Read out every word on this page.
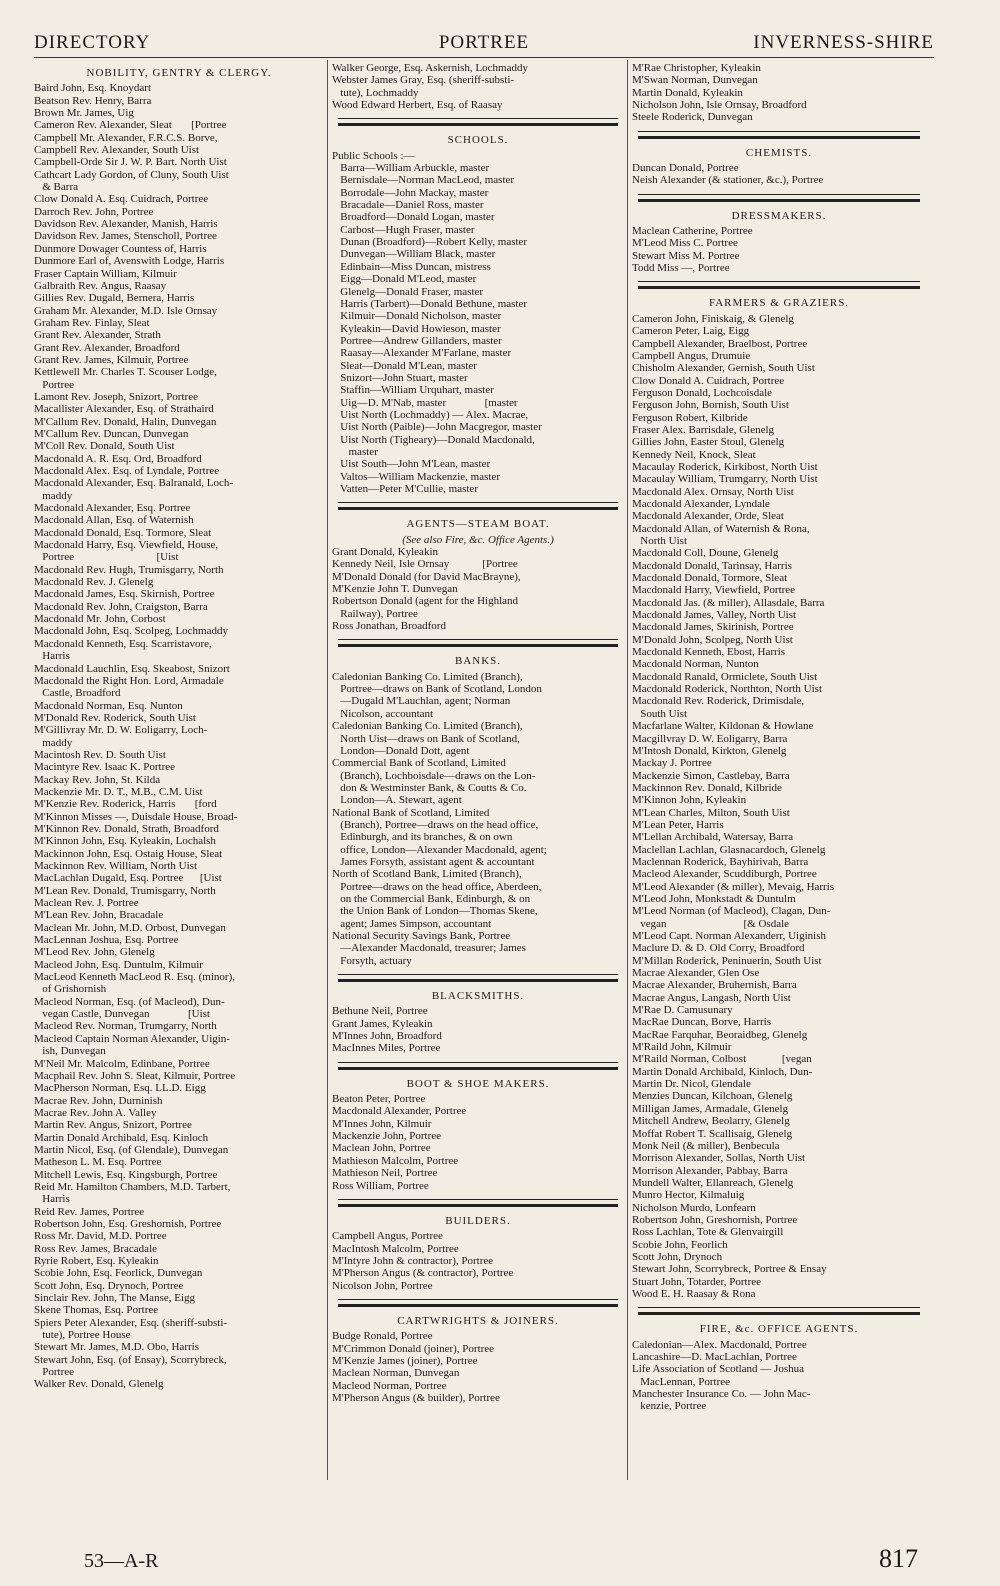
DIRECTORY	PORTREE	INVERNESS-SHIRE
NOBILITY, GENTRY & CLERGY.
Baird John, Esq. Knoydart
Beatson Rev. Henry, Barra
Brown Mr. James, Uig
Cameron Rev. Alexander, Sleat       [Portree
Campbell Mr. Alexander, F.R.C.S. Borve,
Campbell Rev. Alexander, South Uist
Campbell-Orde Sir J. W. P. Bart. North Uist
Cathcart Lady Gordon, of Cluny, South Uist
& Barra
Clow Donald A. Esq. Cuidrach, Portree
Darroch Rev. John, Portree
Davidson Rev. Alexander, Manish, Harris
Davidson Rev. James, Stenscholl, Portree
Dunmore Dowager Countess of, Harris
Dunmore Earl of, Avenswith Lodge, Harris
Fraser Captain William, Kilmuir
Galbraith Rev. Angus, Raasay
Gillies Rev. Dugald, Bernera, Harris
Graham Mr. Alexander, M.D. Isle Ornsay
Graham Rev. Finlay, Sleat
Grant Rev. Alexander, Strath
Grant Rev. Alexander, Broadford
Grant Rev. James, Kilmuir, Portree
Kettlewell Mr. Charles T. Scouser Lodge,
Portree
Lamont Rev. Joseph, Snizort, Portree
Macallister Alexander, Esq. of Strathaird
M'Callum Rev. Donald, Halin, Dunvegan
M'Callum Rev. Duncan, Dunvegan
M'Coll Rev. Donald, South Uist
Macdonald A. R. Esq. Ord, Broadford
Macdonald Alex. Esq. of Lyndale, Portree
Macdonald Alexander, Esq. Balranald, Loch-
maddy
Macdonald Alexander, Esq. Portree
Macdonald Allan, Esq. of Waternish
Macdonald Donald, Esq. Tormore, Sleat
Macdonald Harry, Esq. Viewfield, House,
Portree                              [Uist
Macdonald Rev. Hugh, Trumisgarry, North
Macdonald Rev. J. Glenelg
Macdonald James, Esq. Skirnish, Portree
Macdonald Rev. John, Craigston, Barra
Macdonald Mr. John, Corbost
Macdonald John, Esq. Scolpeg, Lochmaddy
Macdonald Kenneth, Esq. Scarristavore,
Harris
Macdonald Lauchlin, Esq. Skeabost, Snizort
Macdonald the Right Hon. Lord, Armadale
Castle, Broadford
Macdonald Norman, Esq. Nunton
M'Donald Rev. Roderick, South Uist
M'Gillivray Mr. D. W. Eoligarry, Loch-
maddy
Macintosh Rev. D. South Uist
Macintyre Rev. Isaac K. Portree
Mackay Rev. John, St. Kilda
Mackenzie Mr. D. T., M.B., C.M. Uist
M'Kenzie Rev. Roderick, Harris       [ford
M'Kinnon Misses —, Duisdale House, Broad-
M'Kinnon Rev. Donald, Strath, Broadford
M'Kinnon John, Esq. Kyleakin, Lochalsh
Mackinnon John, Esq. Ostaig House, Sleat
Mackinnon Rev. William, North Uist
MacLachlan Dugald, Esq. Portree      [Uist
M'Lean Rev. Donald, Trumisgarry, North
Maclean Rev. J. Portree
M'Lean Rev. John, Bracadale
Maclean Mr. John, M.D. Orbost, Dunvegan
MacLennan Joshua, Esq. Portree
M'Leod Rev. John, Glenelg
Macleod John, Esq. Duntulm, Kilmuir
MacLeod Kenneth MacLeod R. Esq. (minor),
of Grishornish
Macleod Norman, Esq. (of Macleod), Dun-
vegan Castle, Dunvegan              [Uist
Macleod Rev. Norman, Trumgarry, North
Macleod Captain Norman Alexander, Uigin-
ish, Dunvegan
M'Neil Mr. Malcolm, Edinbane, Portree
Macphail Rev. John S. Sleat, Kilmuir, Portree
MacPherson Norman, Esq. LL.D. Eigg
Macrae Rev. John, Durninish
Macrae Rev. John A. Valley
Martin Rev. Angus, Snizort, Portree
Martin Donald Archibald, Esq. Kinloch
Martin Nicol, Esq. (of Glendale), Dunvegan
Matheson L. M. Esq. Portree
Mitchell Lewis, Esq. Kingsburgh, Portree
Reid Mr. Hamilton Chambers, M.D. Tarbert,
Harris
Reid Rev. James, Portree
Robertson John, Esq. Greshornish, Portree
Ross Mr. David, M.D. Portree
Ross Rev. James, Bracadale
Ryrie Robert, Esq. Kyleakin
Scobie John, Esq. Feorlick, Dunvegan
Scott John, Esq. Drynoch, Portree
Sinclair Rev. John, The Manse, Eigg
Skene Thomas, Esq. Portree
Spiers Peter Alexander, Esq. (sheriff-substi-
tute), Portree House
Stewart Mr. James, M.D. Obo, Harris
Stewart John, Esq. (of Ensay), Scorrybreck,
Portree
Walker Rev. Donald, Glenelg
Walker George, Esq. Askernish, Lochmaddy
Webster James Gray, Esq. (sheriff-substi-
tute), Lochmaddy
Wood Edward Herbert, Esq. of Raasay
SCHOOLS.
Public Schools :—
Barra—William Arbuckle, master
Bernisdale—Norman MacLeod, master
Borrodale—John Mackay, master
Bracadale—Daniel Ross, master
Broadford—Donald Logan, master
Carbost—Hugh Fraser, master
Dunan (Broadford)—Robert Kelly, master
Dunvegan—William Black, master
Edinbain—Miss Duncan, mistress
Eigg—Donald M'Leod, master
Glenelg—Donald Fraser, master
Harris (Tarbert)—Donald Bethune, master
Kilmuir—Donald Nicholson, master
Kyleakin—David Howieson, master
Portree—Andrew Gillanders, master
Raasay—Alexander M'Farlane, master
Sleat—Donald M'Lean, master
Snizort—John Stuart, master
Staffin—William Urquhart, master
Uig—D. M'Nab, master              [master
Uist North (Lochmaddy) — Alex. Macrae,
Uist North (Paible)—John Macgregor, master
Uist North (Tigheary)—Donald Macdonald,
master
Uist South—John M'Lean, master
Valtos—William Mackenzie, master
Vatten—Peter M'Cullie, master
AGENTS—STEAM BOAT.
(See also Fire, &c. Office Agents.)
Grant Donald, Kyleakin
Kennedy Neil, Isle Ornsay            [Portree
M'Donald Donald (for David MacBrayne),
M'Kenzie John T. Dunvegan
Robertson Donald (agent for the Highland
Railway), Portree
Ross Jonathan, Broadford
BANKS.
Caledonian Banking Co. Limited (Branch),
Portree—draws on Bank of Scotland, London
—Dugald M'Lauchlan, agent; Norman
Nicolson, accountant
Caledonian Banking Co. Limited (Branch),
North Uist—draws on Bank of Scotland,
London—Donald Dott, agent
Commercial Bank of Scotland, Limited
(Branch), Lochboisdale—draws on the Lon-
don & Westminster Bank, & Coutts & Co.
London—A. Stewart, agent
National Bank of Scotland, Limited
(Branch), Portree—draws on the head office,
Edinburgh, and its branches, & on own
office, London—Alexander Macdonald, agent;
James Forsyth, assistant agent & accountant
North of Scotland Bank, Limited (Branch),
Portree—draws on the head office, Aberdeen,
on the Commercial Bank, Edinburgh, & on
the Union Bank of London—Thomas Skene,
agent; James Simpson, accountant
National Security Savings Bank, Portree
—Alexander Macdonald, treasurer; James
Forsyth, actuary
BLACKSMITHS.
Bethune Neil, Portree
Grant James, Kyleakin
M'Innes John, Broadford
MacInnes Miles, Portree
BOOT & SHOE MAKERS.
Beaton Peter, Portree
Macdonald Alexander, Portree
M'Innes John, Kilmuir
Mackenzie John, Portree
Maclean John, Portree
Mathieson Malcolm, Portree
Mathieson Neil, Portree
Ross William, Portree
BUILDERS.
Campbell Angus, Portree
MacIntosh Malcolm, Portree
M'Intyre John & contractor), Portree
M'Pherson Angus (& contractor), Portree
Nicolson John, Portree
CARTWRIGHTS & JOINERS.
Budge Ronald, Portree
M'Crimmon Donald (joiner), Portree
M'Kenzie James (joiner), Portree
Maclean Norman, Dunvegan
Macleod Norman, Portree
M'Pherson Angus (& builder), Portree
M'Rae Christopher, Kyleakin
M'Swan Norman, Dunvegan
Martin Donald, Kyleakin
Nicholson John, Isle Ornsay, Broadford
Steele Roderick, Dunvegan
CHEMISTS.
Duncan Donald, Portree
Neish Alexander (& stationer, &c.), Portree
DRESSMAKERS.
Maclean Catherine, Portree
M'Leod Miss C. Portree
Stewart Miss M. Portree
Todd Miss —, Portree
FARMERS & GRAZIERS.
Cameron John, Finiskaig, & Glenelg
Cameron Peter, Laig, Eigg
Campbell Alexander, Braelbost, Portree
Campbell Angus, Drumuie
Chisholm Alexander, Gernish, South Uist
Clow Donald A. Cuidrach, Portree
Ferguson Donald, Lochcoisdale
Ferguson John, Bornish, South Uist
Ferguson Robert, Kilbride
Fraser Alex. Barrisdale, Glenelg
Gillies John, Easter Stoul, Glenelg
Kennedy Neil, Knock, Sleat
Macaulay Roderick, Kirkibost, North Uist
Macaulay William, Trumgarry, North Uist
Macdonald Alex. Ornsay, North Uist
Macdonald Alexander, Lyndale
Macdonald Alexander, Orde, Sleat
Macdonald Allan, of Waternish & Rona,
North Uist
Macdonald Coll, Doune, Glenelg
Macdonald Donald, Tarinsay, Harris
Macdonald Donald, Tormore, Sleat
Macdonald Harry, Viewfield, Portree
Macdonald Jas. (& miller), Allasdale, Barra
Macdonald James, Valley, North Uist
Macdonald James, Skirinish, Portree
M'Donald John, Scolpeg, North Uist
Macdonald Kenneth, Ebost, Harris
Macdonald Norman, Nunton
Macdonald Ranald, Ormiclete, South Uist
Macdonald Roderick, Northton, North Uist
Macdonald Rev. Roderick, Drimisdale,
South Uist
Macfarlane Walter, Kildonan & Howlane
Macgillvray D. W. Eoligarry, Barra
M'Intosh Donald, Kirkton, Glenelg
Mackay J. Portree
Mackenzie Simon, Castlebay, Barra
Mackinnon Rev. Donald, Kilbride
M'Kinnon John, Kyleakin
M'Lean Charles, Milton, South Uist
M'Lean Peter, Harris
M'Lellan Archibald, Watersay, Barra
Maclellan Lachlan, Glasnacardoch, Glenelg
Maclennan Roderick, Bayhirivah, Barra
Macleod Alexander, Scuddiburgh, Portree
M'Leod Alexander (& miller), Mevaig, Harris
M'Leod John, Monkstadt & Duntulm
M'Leod Norman (of Macleod), Clagan, Dun-
vegan                            [& Osdale
M'Leod Capt. Norman Alexanderr, Uiginish
Maclure D. & D. Old Corry, Broadford
M'Millan Roderick, Peninuerin, South Uist
Macrae Alexander, Glen Ose
Macrae Alexander, Bruhernish, Barra
Macrae Angus, Langash, North Uist
M'Rae D. Camusunary
MacRae Duncan, Borve, Harris
MacRae Farquhar, Beoraidbeg, Glenelg
M'Raild John, Kilmuir
M'Raild Norman, Colbost             [vegan
Martin Donald Archibald, Kinloch, Dun-
Martin Dr. Nicol, Glendale
Menzies Duncan, Kilchoan, Glenelg
Milligan James, Armadale, Glenelg
Mitchell Andrew, Beolarry, Glenelg
Moffat Robert T. Scallisaig, Glenelg
Monk Neil (& miller), Benbecula
Morrison Alexander, Sollas, North Uist
Morrison Alexander, Pabbay, Barra
Mundell Walter, Ellanreach, Glenelg
Munro Hector, Kilmaluig
Nicholson Murdo, Lonfearn
Robertson John, Greshornish, Portree
Ross Lachlan, Tote & Glenvairgill
Scobie John, Feorlich
Scott John, Drynoch
Stewart John, Scorrybreck, Portree & Ensay
Stuart John, Totarder, Portree
Wood E. H. Raasay & Rona
FIRE, &c. OFFICE AGENTS.
Caledonian—Alex. Macdonald, Portree
Lancashire—D. MacLachlan, Portree
Life Association of Scotland — Joshua
MacLennan, Portree
Manchester Insurance Co. — John Mac-
kenzie, Portree
53—A-R	817
